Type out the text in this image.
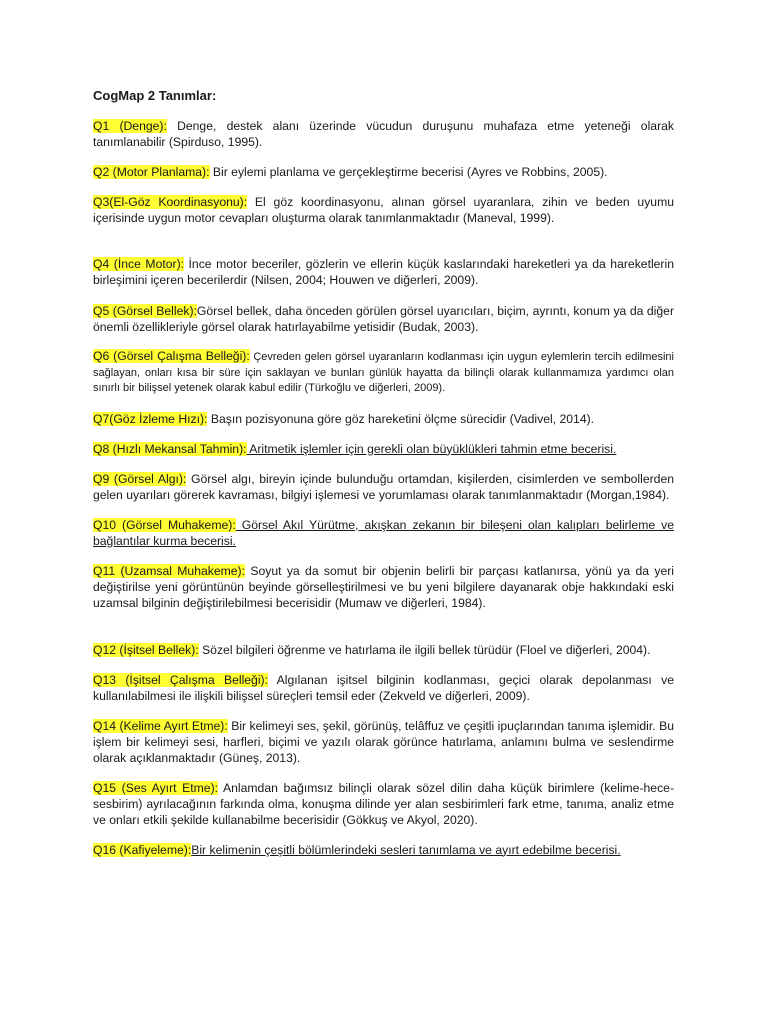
CogMap 2 Tanımlar:

Q1 (Denge): Denge, destek alanı üzerinde vücudun duruşunu muhafaza etme yeteneği olarak tanımlanabilir (Spirduso, 1995).

Q2 (Motor Planlama): Bir eylemi planlama ve gerçekleştirme becerisi (Ayres ve Robbins, 2005).

Q3(El-Göz Koordinasyonu): El göz koordinasyonu, alınan görsel uyaranlara, zihin ve beden uyumu içerisinde uygun motor cevapları oluşturma olarak tanımlanmaktadır (Maneval, 1999).

Q4 (İnce Motor): İnce motor beceriler, gözlerin ve ellerin küçük kaslarındaki hareketleri ya da hareketlerin birleşimini içeren becerilerdir (Nilsen, 2004; Houwen ve diğerleri, 2009).

Q5 (Görsel Bellek):Görsel bellek, daha önceden görülen görsel uyarıcıları, biçim, ayrıntı, konum ya da diğer önemli özellikleriyle görsel olarak hatırlayabilme yetisidir (Budak, 2003).

Q6 (Görsel Çalışma Belleği): Çevreden gelen görsel uyaranların kodlanması için uygun eylemlerin tercih edilmesini sağlayan, onları kısa bir süre için saklayan ve bunları günlük hayatta da bilinçli olarak kullanmamıza yardımcı olan sınırlı bir bilişsel yetenek olarak kabul edilir (Türkoğlu ve diğerleri, 2009).

Q7(Göz İzleme Hızı): Başın pozisyonuna göre göz hareketini ölçme sürecidir (Vadivel, 2014).

Q8 (Hızlı Mekansal Tahmin): Aritmetik işlemler için gerekli olan büyüklükleri tahmin etme becerisi.

Q9 (Görsel Algı): Görsel algı, bireyin içinde bulunduğu ortamdan, kişilerden, cisimlerden ve sembollerden gelen uyarıları görerek kavraması, bilgiyi işlemesi ve yorumlaması olarak tanımlanmaktadır (Morgan,1984).

Q10 (Görsel Muhakeme): Görsel Akıl Yürütme, akışkan zekanın bir bileşeni olan kalıpları belirleme ve bağlantılar kurma becerisi.

Q11 (Uzamsal Muhakeme): Soyut ya da somut bir objenin belirli bir parçası katlanırsa, yönü ya da yeri değiştirilse yeni görüntünün beyinde görselleştirilmesi ve bu yeni bilgilere dayanarak obje hakkındaki eski uzamsal bilginin değiştirilebilmesi becerisidir (Mumaw ve diğerleri, 1984).

Q12 (İşitsel Bellek): Sözel bilgileri öğrenme ve hatırlama ile ilgili bellek türüdür (Floel ve diğerleri, 2004).

Q13 (İşitsel Çalışma Belleği): Algılanan işitsel bilginin kodlanması, geçici olarak depolanması ve kullanılabilmesi ile ilişkili bilişsel süreçleri temsil eder (Zekveld ve diğerleri, 2009).

Q14 (Kelime Ayırt Etme): Bir kelimeyi ses, şekil, görünüş, telâffuz ve çeşitli ipuçlarından tanıma işlemidir. Bu işlem bir kelimeyi sesi, harfleri, biçimi ve yazılı olarak görünce hatırlama, anlamını bulma ve seslendirme olarak açıklanmaktadır (Güneş, 2013).

Q15 (Ses Ayırt Etme): Anlamdan bağımsız bilinçli olarak sözel dilin daha küçük birimlere (kelime-hece-sesbirim) ayrılacağının farkında olma, konuşma dilinde yer alan sesbirimleri fark etme, tanıma, analiz etme ve onları etkili şekilde kullanabilme becerisidir (Gökkuş ve Akyol, 2020).

Q16 (Kafiyeleme):Bir kelimenin çeşitli bölümlerindeki sesleri tanımlama ve ayırt edebilme becerisi.
